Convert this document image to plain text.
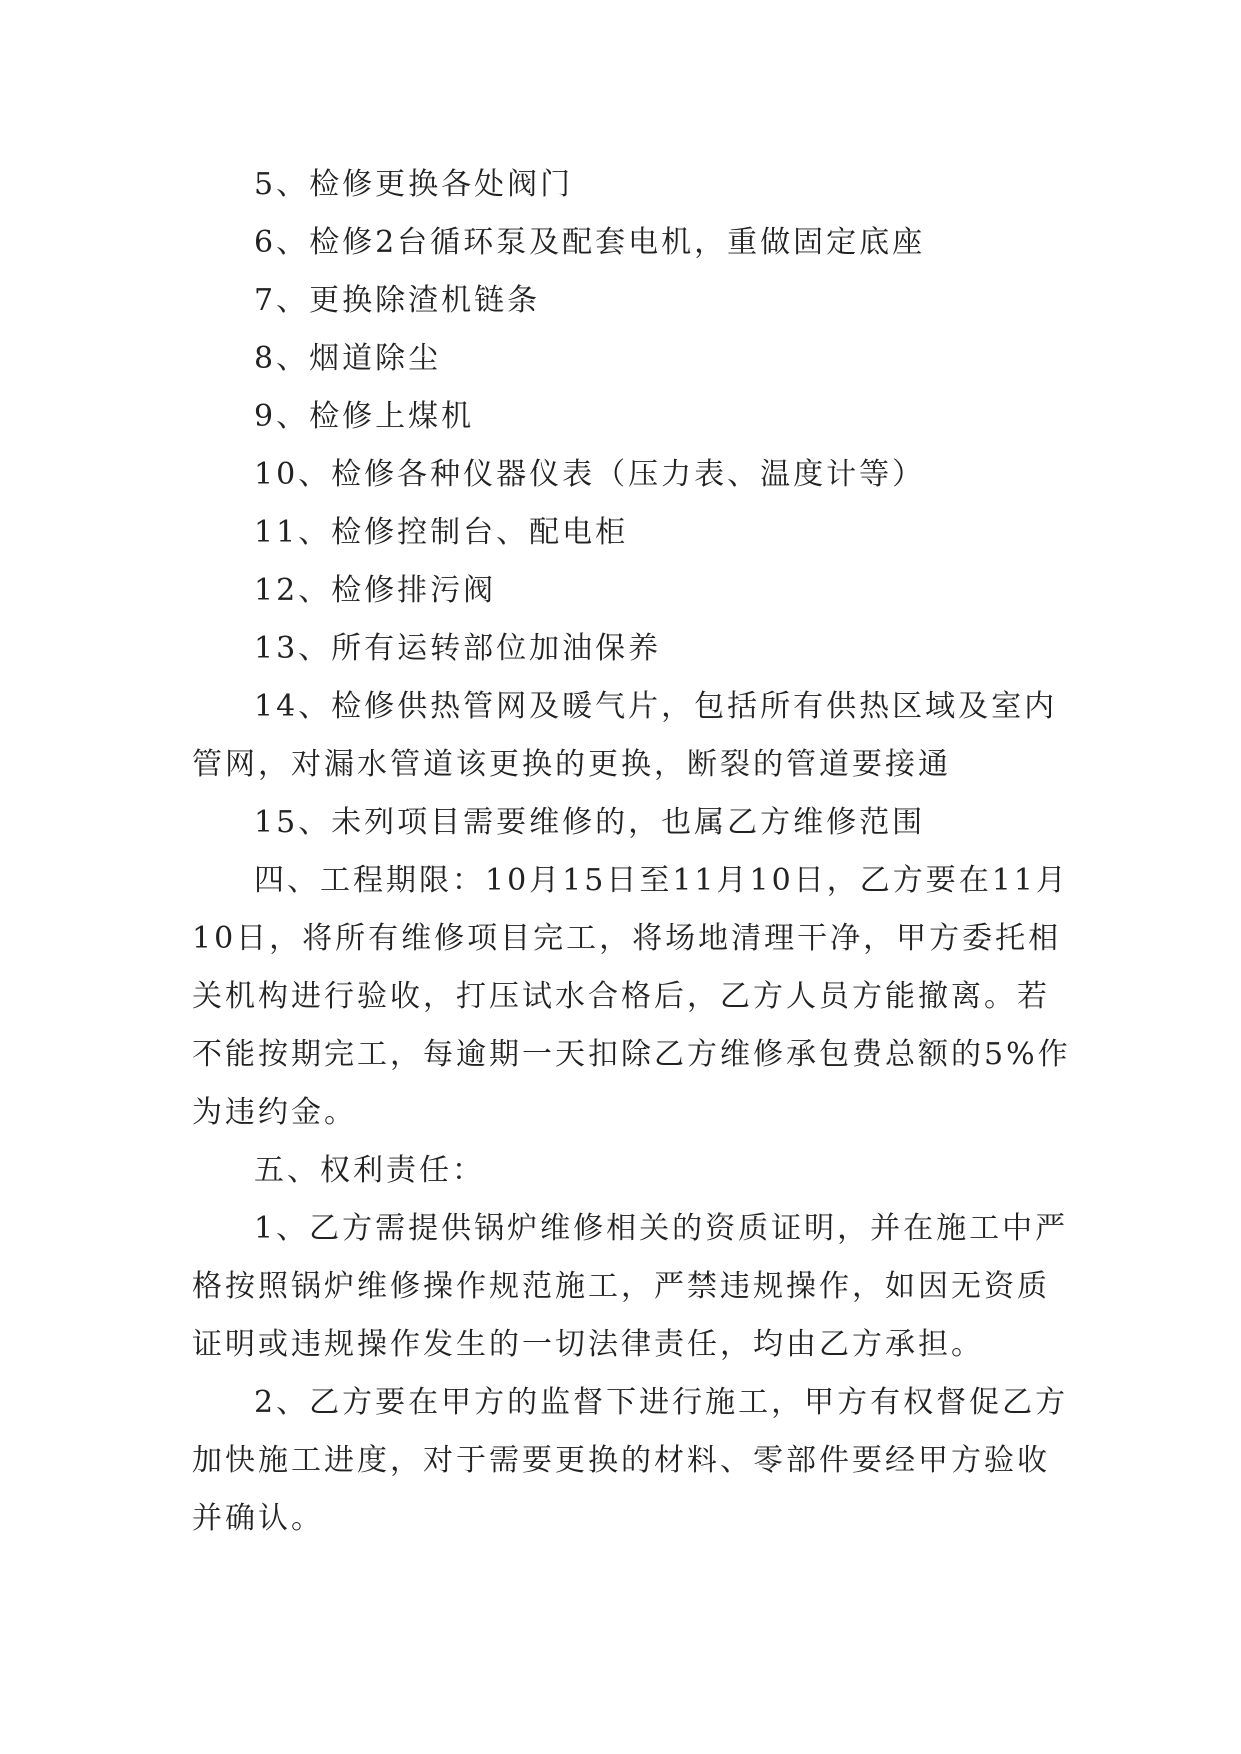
5、检修更换各处阀门

6、检修2台循环泵及配套电机，重做固定底座

7、更换除渣机链条

8、烟道除尘

9、检修上煤机

10、检修各种仪器仪表（压力表、温度计等）

11、检修控制台、配电柜

12、检修排污阀

13、所有运转部位加油保养

14、检修供热管网及暖气片，包括所有供热区域及室内管网，对漏水管道该更换的更换，断裂的管道要接通

15、未列项目需要维修的，也属乙方维修范围

四、工程期限：10月15日至11月10日，乙方要在11月10日，将所有维修项目完工，将场地清理干净，甲方委托相关机构进行验收，打压试水合格后，乙方人员方能撤离。若不能按期完工，每逾期一天扣除乙方维修承包费总额的5%作为违约金。

五、权利责任：

1、乙方需提供锅炉维修相关的资质证明，并在施工中严格按照锅炉维修操作规范施工，严禁违规操作，如因无资质证明或违规操作发生的一切法律责任，均由乙方承担。

2、乙方要在甲方的监督下进行施工，甲方有权督促乙方加快施工进度，对于需要更换的材料、零部件要经甲方验收并确认。
